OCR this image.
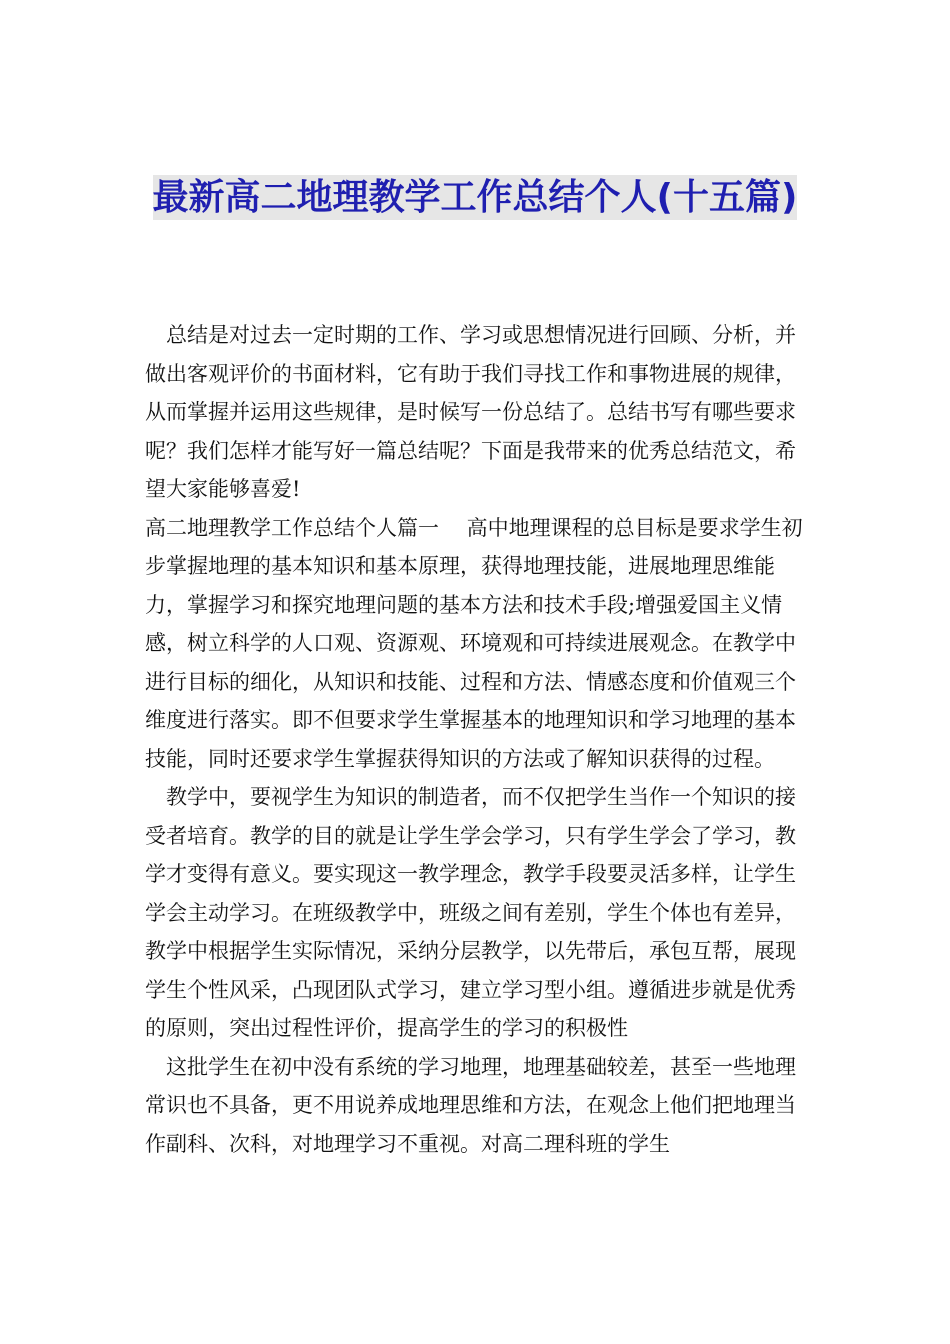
最新高二地理教学工作总结个人(十五篇)

总结是对过去一定时期的工作、学习或思想情况进行回顾、分析，并做出客观评价的书面材料，它有助于我们寻找工作和事物进展的规律，从而掌握并运用这些规律，是时候写一份总结了。总结书写有哪些要求呢？我们怎样才能写好一篇总结呢？下面是我带来的优秀总结范文，希望大家能够喜爱!

高二地理教学工作总结个人篇一　 高中地理课程的总目标是要求学生初步掌握地理的基本知识和基本原理，获得地理技能，进展地理思维能力，掌握学习和探究地理问题的基本方法和技术手段;增强爱国主义情感，树立科学的人口观、资源观、环境观和可持续进展观念。在教学中进行目标的细化，从知识和技能、过程和方法、情感态度和价值观三个维度进行落实。即不但要求学生掌握基本的地理知识和学习地理的基本技能，同时还要求学生掌握获得知识的方法或了解知识获得的过程。

教学中，要视学生为知识的制造者，而不仅把学生当作一个知识的接受者培育。教学的目的就是让学生学会学习，只有学生学会了学习，教学才变得有意义。要实现这一教学理念，教学手段要灵活多样，让学生学会主动学习。在班级教学中，班级之间有差别，学生个体也有差异，教学中根据学生实际情况，采纳分层教学，以先带后，承包互帮，展现学生个性风采，凸现团队式学习，建立学习型小组。遵循进步就是优秀的原则，突出过程性评价，提高学生的学习的积极性

这批学生在初中没有系统的学习地理，地理基础较差，甚至一些地理常识也不具备，更不用说养成地理思维和方法，在观念上他们把地理当作副科、次科，对地理学习不重视。对高二理科班的学生
